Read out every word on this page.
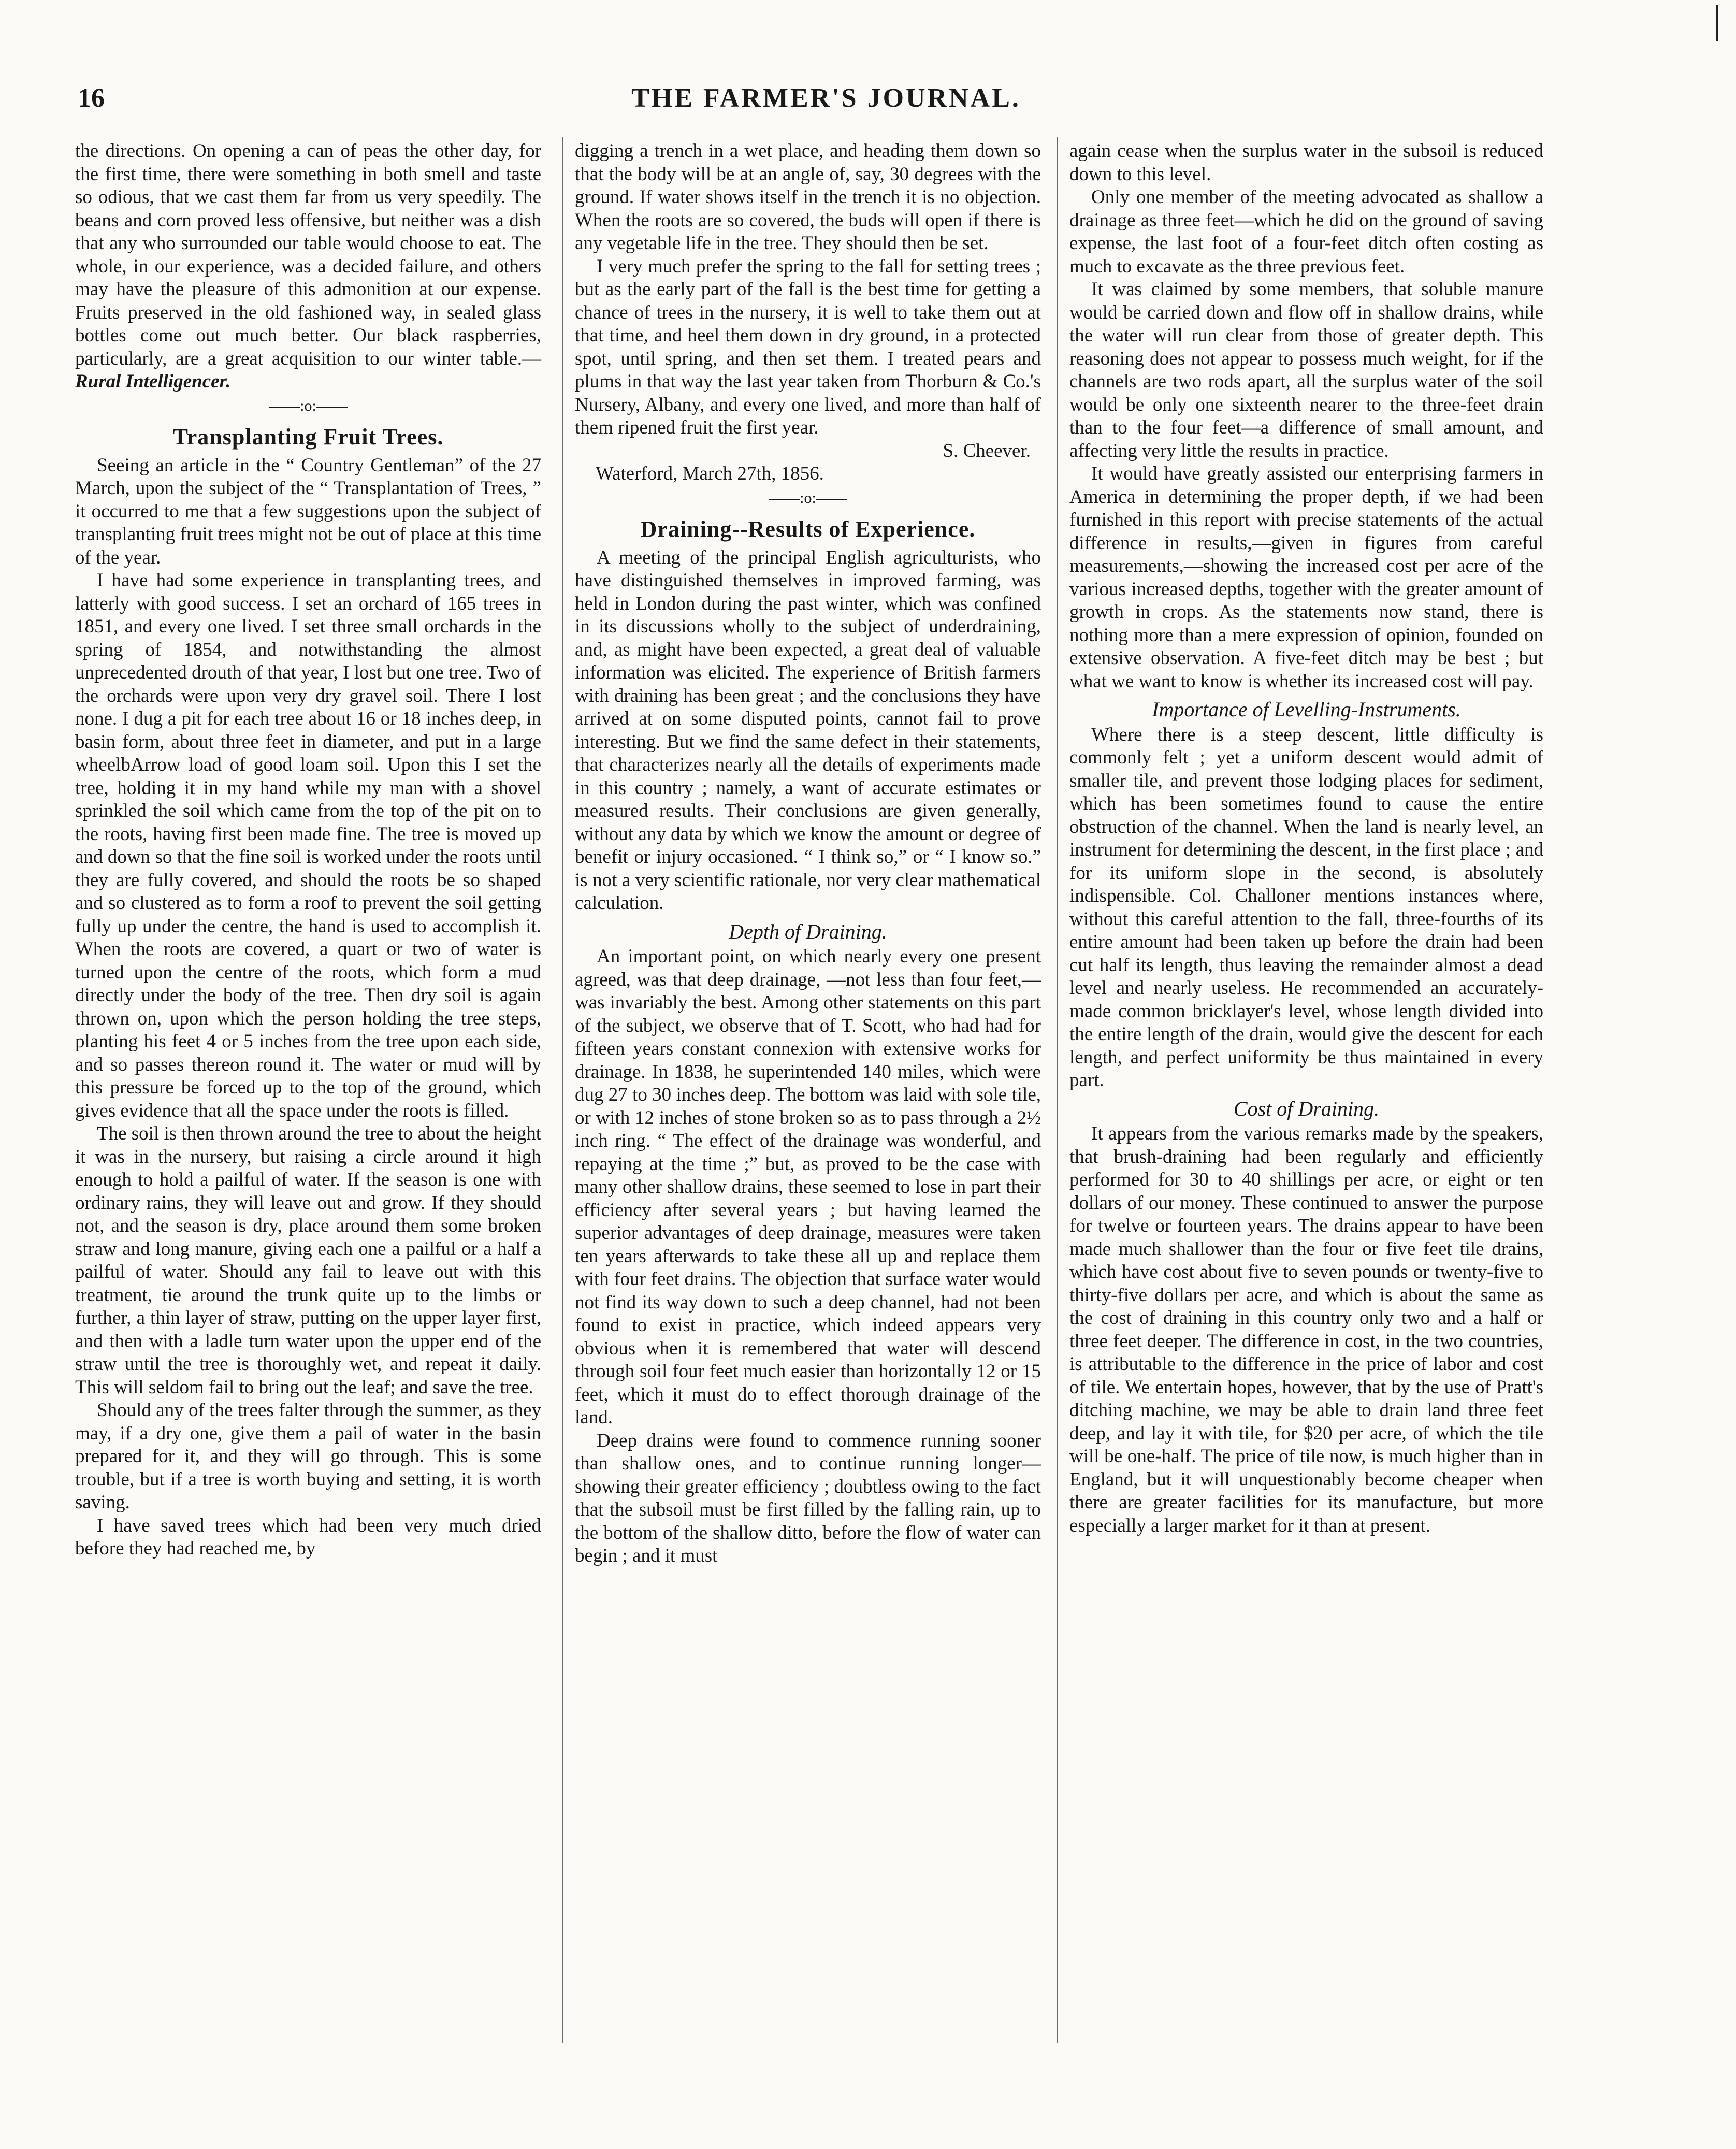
16	THE FARMER'S JOURNAL.

the directions. On opening a can of peas the other day, for the first time, there were something in both smell and taste so odious, that we cast them far from us very speedily. The beans and corn proved less offensive, but neither was a dish that any who surrounded our table would choose to eat. The whole, in our experience, was a decided failure, and others may have the pleasure of this admonition at our expense. Fruits preserved in the old fashioned way, in sealed glass bottles come out much better. Our black raspberries, particularly, are a great acquisition to our winter table.—Rural Intelligencer.

——:o:——
Transplanting Fruit Trees.

Seeing an article in the “ Country Gentleman” of the 27 March, upon the subject of the “ Transplantation of Trees, ” it occurred to me that a few suggestions upon the subject of transplanting fruit trees might not be out of place at this time of the year.

I have had some experience in transplanting trees, and latterly with good success. I set an orchard of 165 trees in 1851, and every one lived. I set three small orchards in the spring of 1854, and notwithstanding the almost unprecedented drouth of that year, I lost but one tree. Two of the orchards were upon very dry gravel soil. There I lost none. I dug a pit for each tree about 16 or 18 inches deep, in basin form, about three feet in diameter, and put in a large wheelbArrow load of good loam soil. Upon this I set the tree, holding it in my hand while my man with a shovel sprinkled the soil which came from the top of the pit on to the roots, having first been made fine. The tree is moved up and down so that the fine soil is worked under the roots until they are fully covered, and should the roots be so shaped and so clustered as to form a roof to prevent the soil getting fully up under the centre, the hand is used to accomplish it. When the roots are covered, a quart or two of water is turned upon the centre of the roots, which form a mud directly under the body of the tree. Then dry soil is again thrown on, upon which the person holding the tree steps, planting his feet 4 or 5 inches from the tree upon each side, and so passes thereon round it. The water or mud will by this pressure be forced up to the top of the ground, which gives evidence that all the space under the roots is filled.

The soil is then thrown around the tree to about the height it was in the nursery, but raising a circle around it high enough to hold a pailful of water. If the season is one with ordinary rains, they will leave out and grow. If they should not, and the season is dry, place around them some broken straw and long manure, giving each one a pailful or a half a pailful of water. Should any fail to leave out with this treatment, tie around the trunk quite up to the limbs or further, a thin layer of straw, putting on the upper layer first, and then with a ladle turn water upon the upper end of the straw until the tree is thoroughly wet, and repeat it daily. This will seldom fail to bring out the leaf; and save the tree.

Should any of the trees falter through the summer, as they may, if a dry one, give them a pail of water in the basin prepared for it, and they will go through. This is some trouble, but if a tree is worth buying and setting, it is worth saving.

I have saved trees which had been very much dried before they had reached me, by

digging a trench in a wet place, and heading them down so that the body will be at an angle of, say, 30 degrees with the ground. If water shows itself in the trench it is no objection. When the roots are so covered, the buds will open if there is any vegetable life in the tree. They should then be set.

I very much prefer the spring to the fall for setting trees ; but as the early part of the fall is the best time for getting a chance of trees in the nursery, it is well to take them out at that time, and heel them down in dry ground, in a protected spot, until spring, and then set them. I treated pears and plums in that way the last year taken from Thorburn & Co.'s Nursery, Albany, and every one lived, and more than half of them ripened fruit the first year.

S. Cheever.

Waterford, March 27th, 1856.

——:o:——
Draining--Results of Experience.

A meeting of the principal English agriculturists, who have distinguished themselves in improved farming, was held in London during the past winter, which was confined in its discussions wholly to the subject of underdraining, and, as might have been expected, a great deal of valuable information was elicited. The experience of British farmers with draining has been great ; and the conclusions they have arrived at on some disputed points, cannot fail to prove interesting. But we find the same defect in their statements, that characterizes nearly all the details of experiments made in this country ; namely, a want of accurate estimates or measured results. Their conclusions are given generally, without any data by which we know the amount or degree of benefit or injury occasioned. “ I think so,” or “ I know so.” is not a very scientific rationale, nor very clear mathematical calculation.

Depth of Draining.

An important point, on which nearly every one present agreed, was that deep drainage, —not less than four feet,—was invariably the best. Among other statements on this part of the subject, we observe that of T. Scott, who had had for fifteen years constant connexion with extensive works for drainage. In 1838, he superintended 140 miles, which were dug 27 to 30 inches deep. The bottom was laid with sole tile, or with 12 inches of stone broken so as to pass through a 2½ inch ring. “ The effect of the drainage was wonderful, and repaying at the time ;” but, as proved to be the case with many other shallow drains, these seemed to lose in part their efficiency after several years ; but having learned the superior advantages of deep drainage, measures were taken ten years afterwards to take these all up and replace them with four feet drains. The objection that surface water would not find its way down to such a deep channel, had not been found to exist in practice, which indeed appears very obvious when it is remembered that water will descend through soil four feet much easier than horizontally 12 or 15 feet, which it must do to effect thorough drainage of the land.

Deep drains were found to commence running sooner than shallow ones, and to continue running longer—showing their greater efficiency ; doubtless owing to the fact that the subsoil must be first filled by the falling rain, up to the bottom of the shallow ditto, before the flow of water can begin ; and it must

again cease when the surplus water in the subsoil is reduced down to this level.

Only one member of the meeting advocated as shallow a drainage as three feet—which he did on the ground of saving expense, the last foot of a four-feet ditch often costing as much to excavate as the three previous feet.

It was claimed by some members, that soluble manure would be carried down and flow off in shallow drains, while the water will run clear from those of greater depth. This reasoning does not appear to possess much weight, for if the channels are two rods apart, all the surplus water of the soil would be only one sixteenth nearer to the three-feet drain than to the four feet—a difference of small amount, and affecting very little the results in practice.

It would have greatly assisted our enterprising farmers in America in determining the proper depth, if we had been furnished in this report with precise statements of the actual difference in results,—given in figures from careful measurements,—showing the increased cost per acre of the various increased depths, together with the greater amount of growth in crops. As the statements now stand, there is nothing more than a mere expression of opinion, founded on extensive observation. A five-feet ditch may be best ; but what we want to know is whether its increased cost will pay.

Importance of Levelling-Instruments.

Where there is a steep descent, little difficulty is commonly felt ; yet a uniform descent would admit of smaller tile, and prevent those lodging places for sediment, which has been sometimes found to cause the entire obstruction of the channel. When the land is nearly level, an instrument for determining the descent, in the first place ; and for its uniform slope in the second, is absolutely indispensible. Col. Challoner mentions instances where, without this careful attention to the fall, three-fourths of its entire amount had been taken up before the drain had been cut half its length, thus leaving the remainder almost a dead level and nearly useless. He recommended an accurately-made common bricklayer's level, whose length divided into the entire length of the drain, would give the descent for each length, and perfect uniformity be thus maintained in every part.

Cost of Draining.

It appears from the various remarks made by the speakers, that brush-draining had been regularly and efficiently performed for 30 to 40 shillings per acre, or eight or ten dollars of our money. These continued to answer the purpose for twelve or fourteen years. The drains appear to have been made much shallower than the four or five feet tile drains, which have cost about five to seven pounds or twenty-five to thirty-five dollars per acre, and which is about the same as the cost of draining in this country only two and a half or three feet deeper. The difference in cost, in the two countries, is attributable to the difference in the price of labor and cost of tile. We entertain hopes, however, that by the use of Pratt's ditching machine, we may be able to drain land three feet deep, and lay it with tile, for $20 per acre, of which the tile will be one-half. The price of tile now, is much higher than in England, but it will unquestionably become cheaper when there are greater facilities for its manufacture, but more especially a larger market for it than at present.
